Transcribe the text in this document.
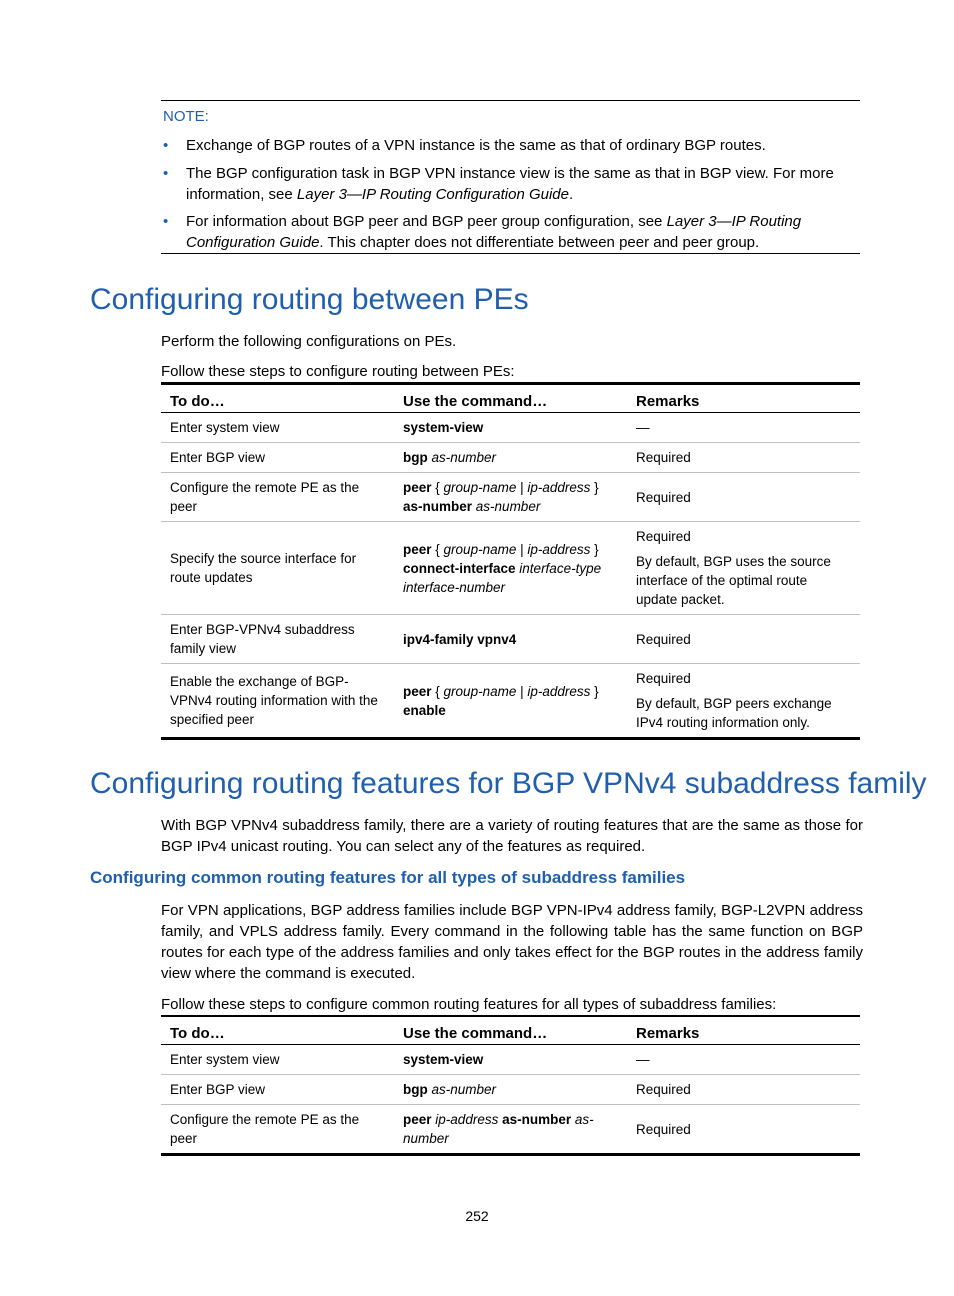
NOTE:
• Exchange of BGP routes of a VPN instance is the same as that of ordinary BGP routes.
• The BGP configuration task in BGP VPN instance view is the same as that in BGP view. For more information, see Layer 3—IP Routing Configuration Guide.
• For information about BGP peer and BGP peer group configuration, see Layer 3—IP Routing Configuration Guide. This chapter does not differentiate between peer and peer group.
Configuring routing between PEs
Perform the following configurations on PEs.
Follow these steps to configure routing between PEs:
To do…	Use the command…	Remarks
Enter system view	system-view	—

Enter BGP view	bgp as-number	Required

Configure the remote PE as the peer	peer { group-name | ip-address } as-number as-number	Required

Specify the source interface for route updates	peer { group-name | ip-address } connect-interface interface-type interface-number	Required
By default, BGP uses the source interface of the optimal route update packet.

Enter BGP-VPNv4 subaddress family view	ipv4-family vpnv4	Required

Enable the exchange of BGP-VPNv4 routing information with the specified peer	peer { group-name | ip-address } enable	Required
By default, BGP peers exchange IPv4 routing information only.
Configuring routing features for BGP VPNv4 subaddress family
With BGP VPNv4 subaddress family, there are a variety of routing features that are the same as those for BGP IPv4 unicast routing. You can select any of the features as required.
Configuring common routing features for all types of subaddress families
For VPN applications, BGP address families include BGP VPN-IPv4 address family, BGP-L2VPN address family, and VPLS address family. Every command in the following table has the same function on BGP routes for each type of the address families and only takes effect for the BGP routes in the address family view where the command is executed.
Follow these steps to configure common routing features for all types of subaddress families:
To do…	Use the command…	Remarks
Enter system view	system-view	—

Enter BGP view	bgp as-number	Required

Configure the remote PE as the peer	peer ip-address as-number as-number	Required
252
